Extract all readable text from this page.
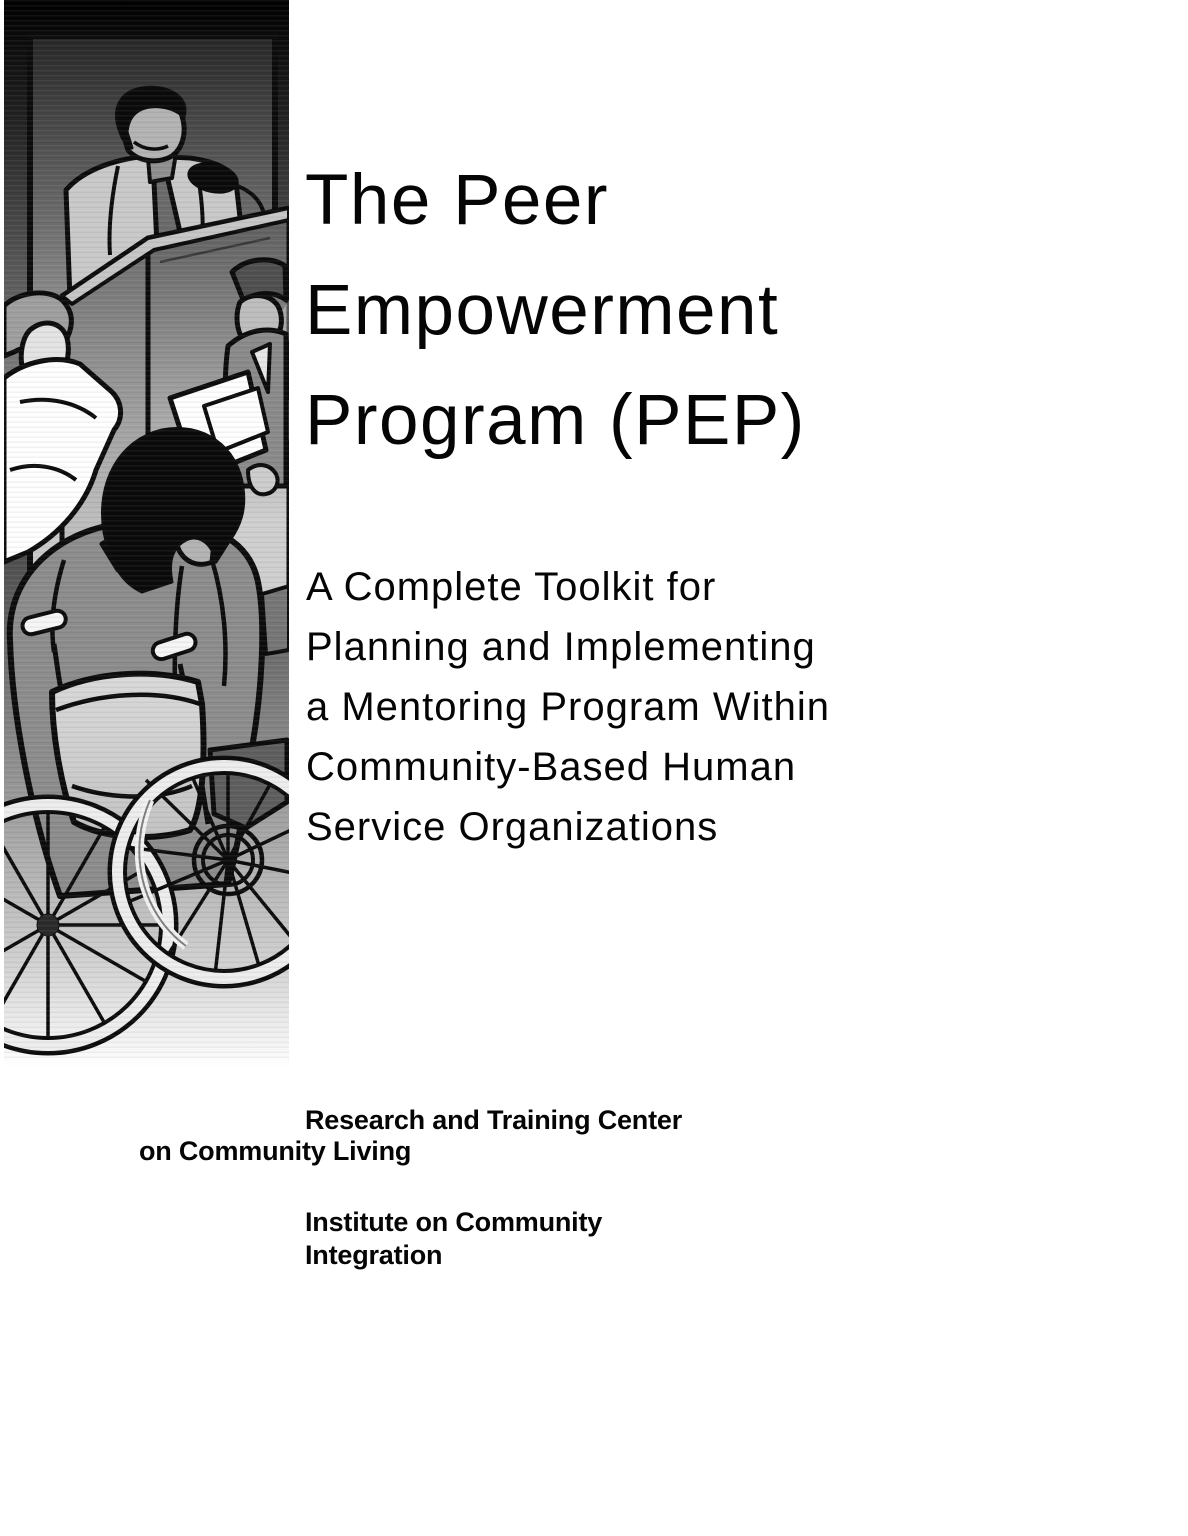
The Peer
Empowerment
Program (PEP)
A Complete Toolkit for
Planning and Implementing
a Mentoring Program Within
Community-Based Human
Service Organizations
Research and Training Center
on Community Living
Institute on Community
Integration
